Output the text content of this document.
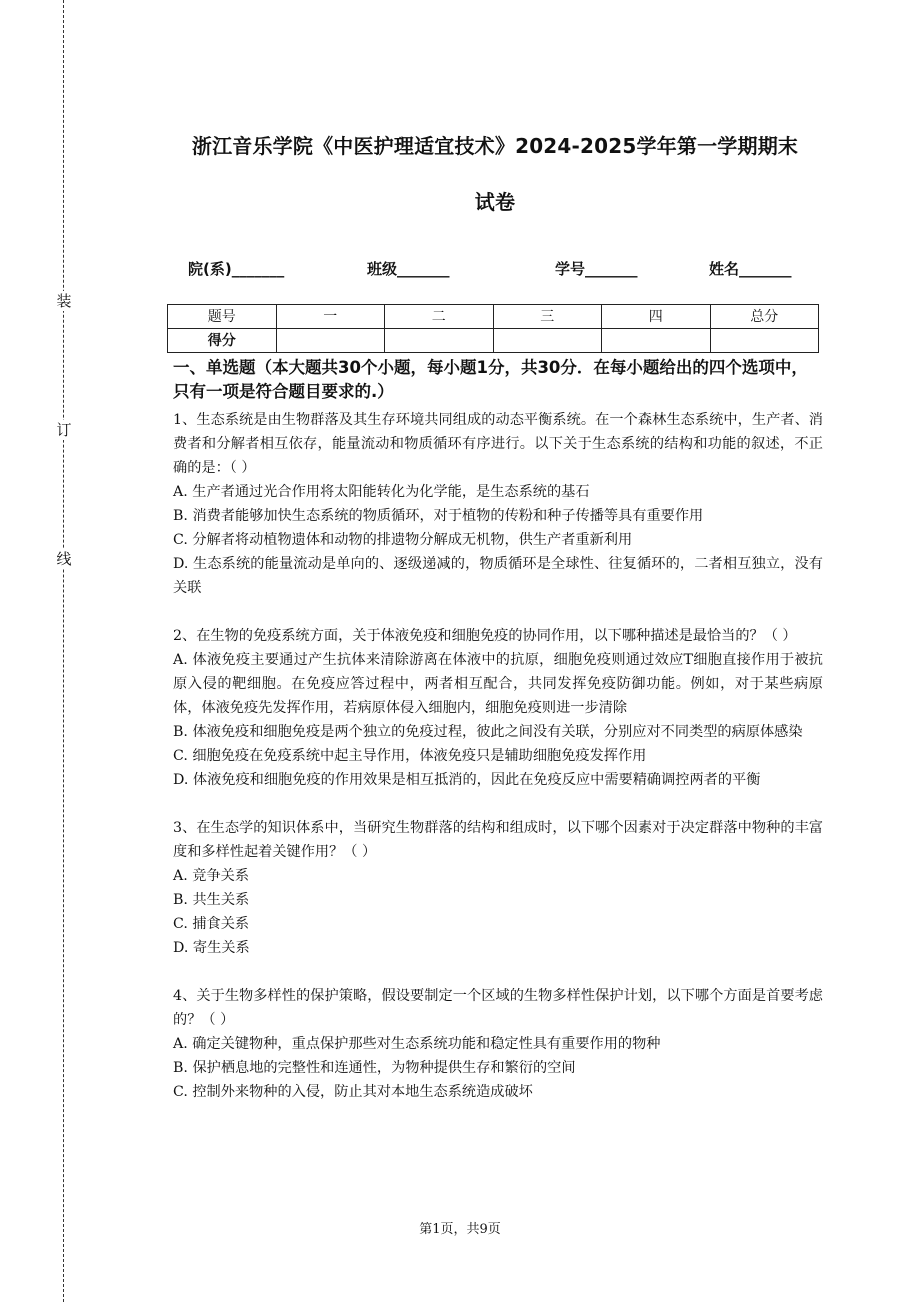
装
订
线
浙江音乐学院《中医护理适宜技术》2024-2025学年第一学期期末
试卷
院(系)_______	班级_______	学号_______	姓名_______
题号	一	二	三	四	总分
得分					

一、单选题（本大题共30个小题，每小题1分，共30分．在每小题给出的四个选项中，只有一项是符合题目要求的.）

1、生态系统是由生物群落及其生存环境共同组成的动态平衡系统。在一个森林生态系统中，生产者、消费者和分解者相互依存，能量流动和物质循环有序进行。以下关于生态系统的结构和功能的叙述，不正确的是：（ ）

A. 生产者通过光合作用将太阳能转化为化学能，是生态系统的基石

B. 消费者能够加快生态系统的物质循环，对于植物的传粉和种子传播等具有重要作用

C. 分解者将动植物遗体和动物的排遗物分解成无机物，供生产者重新利用

D. 生态系统的能量流动是单向的、逐级递减的，物质循环是全球性、往复循环的，二者相互独立，没有关联

2、在生物的免疫系统方面，关于体液免疫和细胞免疫的协同作用，以下哪种描述是最恰当的？（ ）

A. 体液免疫主要通过产生抗体来清除游离在体液中的抗原，细胞免疫则通过效应T细胞直接作用于被抗原入侵的靶细胞。在免疫应答过程中，两者相互配合，共同发挥免疫防御功能。例如，对于某些病原体，体液免疫先发挥作用，若病原体侵入细胞内，细胞免疫则进一步清除

B. 体液免疫和细胞免疫是两个独立的免疫过程，彼此之间没有关联，分别应对不同类型的病原体感染

C. 细胞免疫在免疫系统中起主导作用，体液免疫只是辅助细胞免疫发挥作用

D. 体液免疫和细胞免疫的作用效果是相互抵消的，因此在免疫反应中需要精确调控两者的平衡

3、在生态学的知识体系中，当研究生物群落的结构和组成时，以下哪个因素对于决定群落中物种的丰富度和多样性起着关键作用？（ ）

A. 竞争关系

B. 共生关系

C. 捕食关系

D. 寄生关系

4、关于生物多样性的保护策略，假设要制定一个区域的生物多样性保护计划，以下哪个方面是首要考虑的？（ ）

A. 确定关键物种，重点保护那些对生态系统功能和稳定性具有重要作用的物种

B. 保护栖息地的完整性和连通性，为物种提供生存和繁衍的空间

C. 控制外来物种的入侵，防止其对本地生态系统造成破坏

第1页，共9页
